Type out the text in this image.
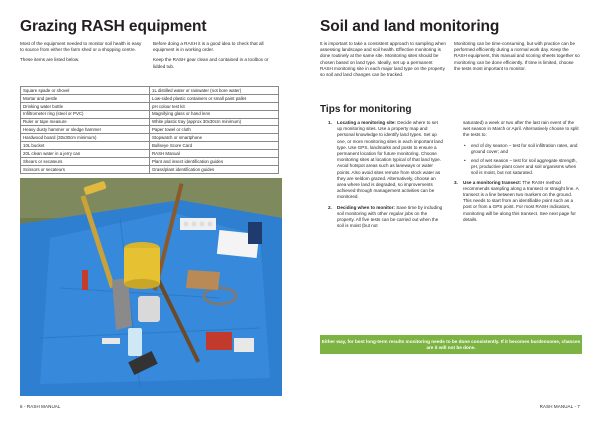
Grazing RASH equipment

Most of the equipment needed to monitor soil health is easy to source from either the farm shed or a shopping centre.

These items are listed below.

Before doing a RASH it is a good idea to check that all equipment is in working order.

Keep the RASH gear clean and contained in a toolbox or lidded tub.

Square spade or shovel	1L distilled water or rainwater (not bore water)
Mortar and pestle	Low-sided plastic containers or small paint pallet
Drinking water bottle	pH colour test kit
Infiltrometer ring (steel or PVC)	Magnifying glass or hand lens
Ruler or tape measure	White plastic tray (approx 30x30cm minimum)
Heavy dusty hammer or sledge hammer	Paper towel or cloth
Hardwood board (30x30cm minimum)	Stopwatch or smartphone
10L bucket	Bullseye Score Card
20L clean water in a jerry can	RASH Manual
Shears or secateurs	Plant and insect identification guides
Scissors or secateurs	Grass/plant identification guides
6 - RASH MANUAL
Soil and land monitoring

It is important to take a consistent approach to sampling when assessing landscape and soil health. Effective monitoring is done routinely at the same site. Monitoring sites should be chosen based on land type. Ideally, set up a permanent RASH monitoring site in each major land type on the property so soil and land changes can be tracked.

Monitoring can be time-consuming, but with practice can be performed efficiently during a normal work day. Keep the RASH equipment, this manual and scoring sheets together so monitoring can be done efficiently. If time is limited, choose the tests most important to monitor.

Tips for monitoring
1. Locating a monitoring site: Decide where to set up monitoring sites. Use a property map and personal knowledge to identify land types. Set up one, or more monitoring sites in each important land type. Use GPS, landmarks and posts to ensure a permanent location for future monitoring. Choose monitoring sites at location typical of that land type. Avoid hotspot areas such as laneways or water points. Also avoid sites remote from stock water as they are seldom grazed. Alternatively, choose an area where land is degraded, so improvements achieved through management activities can be monitored.
2. Deciding when to monitor: Save time by including soil monitoring with other regular jobs on the property. All five tests can be carried out when the soil is moist (but not

saturated) a week or two after the last rain event of the wet season in March or April. Alternatively choose to split the tests to:

• end of dry season – test for soil infiltration rates, and ground cover; and
• end of wet season – test for soil aggregate strength, pH, productive plant cover and soil organisms when soil is moist, but not saturated.
3. Use a monitoring transect: The RASH method recommends sampling along a transect or straight line. A transect is a line between two markers on the ground. This needs to start from an identifiable point such as a post or from a GPS point. For most RASH indicators, monitoring will be along this transect. See next page for details.
Either way, for best long-term results monitoring needs to be done consistently. If it becomes burdensome, chances are it will not be done.
RASH MANUAL - 7
